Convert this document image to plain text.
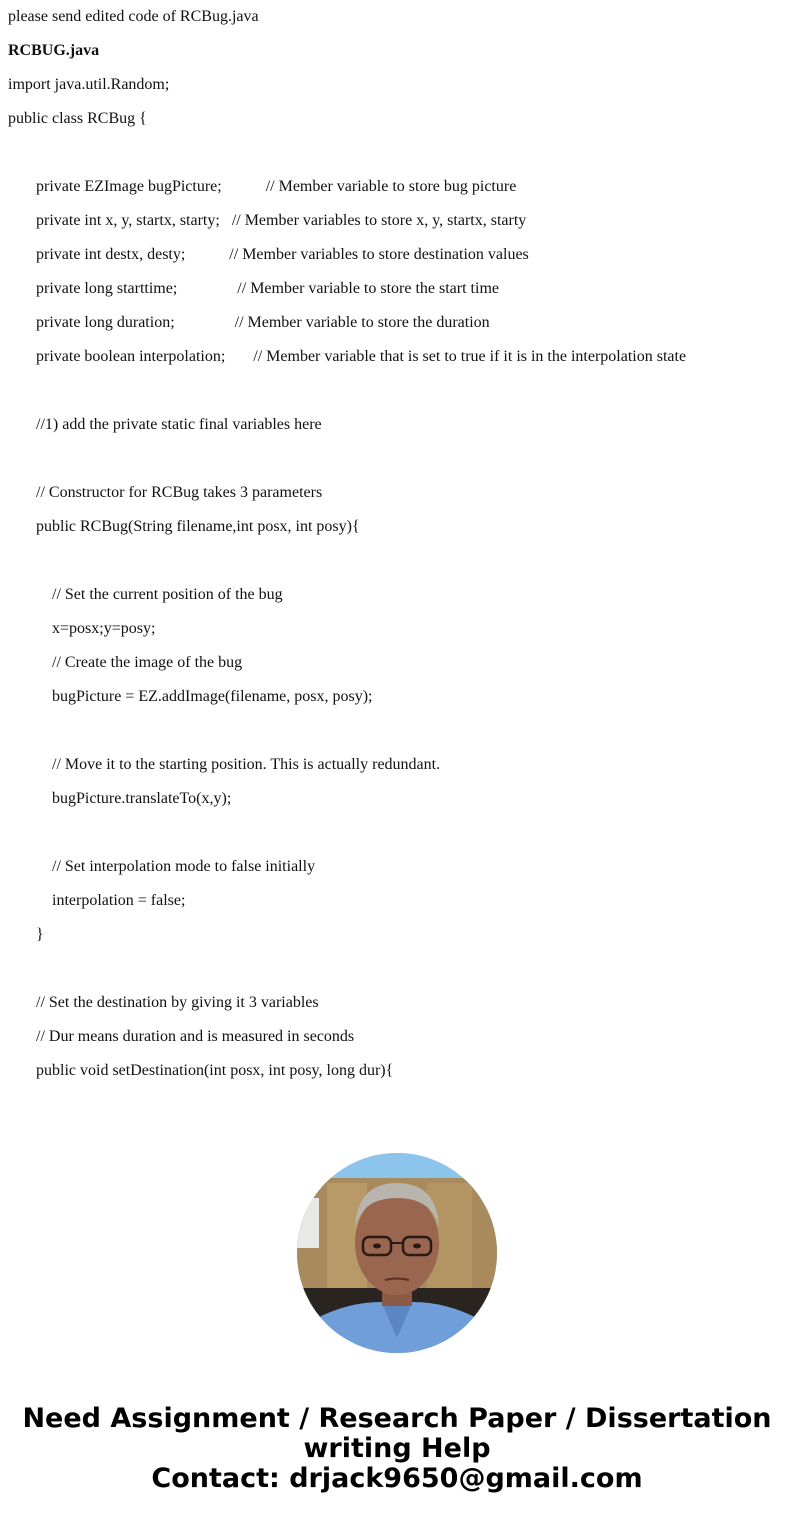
please send edited code of RCBug.java
RCBUG.java
import java.util.Random;
public class RCBug {
private EZImage bugPicture;           // Member variable to store bug picture
private int x, y, startx, starty;   // Member variables to store x, y, startx, starty
private int destx, desty;           // Member variables to store destination values
private long starttime;               // Member variable to store the start time
private long duration;               // Member variable to store the duration
private boolean interpolation;       // Member variable that is set to true if it is in the interpolation state
//1) add the private static final variables here
// Constructor for RCBug takes 3 parameters
public RCBug(String filename,int posx, int posy){
// Set the current position of the bug
x=posx;y=posy;
// Create the image of the bug
bugPicture = EZ.addImage(filename, posx, posy);
// Move it to the starting position. This is actually redundant.
bugPicture.translateTo(x,y);
// Set interpolation mode to false initially
interpolation = false;
}
// Set the destination by giving it 3 variables
// Dur means duration and is measured in seconds
public void setDestination(int posx, int posy, long dur){
Need Assignment / Research Paper / Dissertation
writing Help
Contact: drjack9650@gmail.com
